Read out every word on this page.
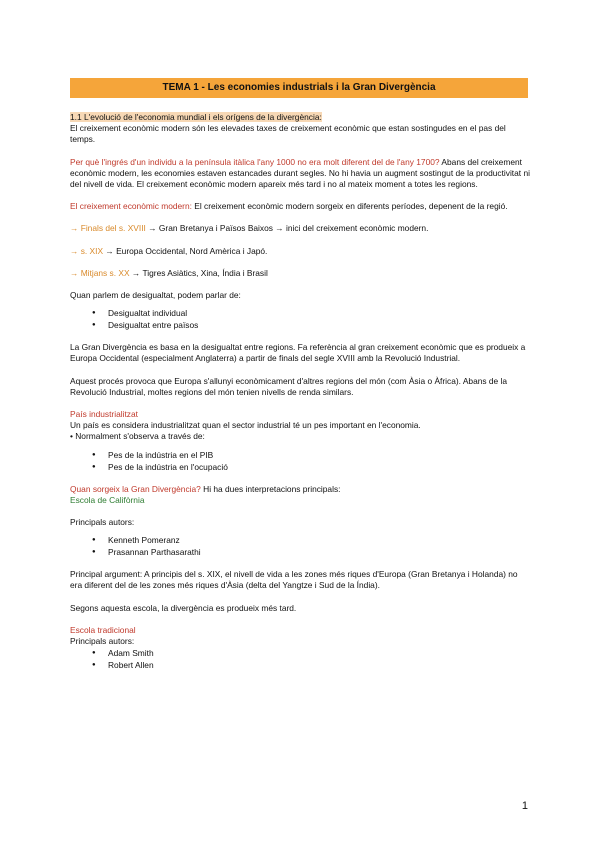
TEMA 1 - Les economies industrials i la Gran Divergència

1.1 L'evolució de l'economia mundial i els orígens de la divergència:

El creixement econòmic modern són les elevades taxes de creixement econòmic que estan sostingudes en el pas del temps.

Per què l'ingrés d'un individu a la península itàlica l'any 1000 no era molt diferent del de l'any 1700? Abans del creixement econòmic modern, les economies estaven estancades durant segles. No hi havia un augment sostingut de la productivitat ni del nivell de vida. El creixement econòmic modern apareix més tard i no al mateix moment a totes les regions.

El creixement econòmic modern: El creixement econòmic modern sorgeix en diferents períodes, depenent de la regió.

→ Finals del s. XVIII → Gran Bretanya i Països Baixos → inici del creixement econòmic modern.

→ s. XIX → Europa Occidental, Nord Amèrica i Japó.

→ Mitjans s. XX → Tigres Asiàtics, Xina, Índia i Brasil

Quan parlem de desigualtat, podem parlar de:

● Desigualtat individual
● Desigualtat entre països

La Gran Divergència es basa en la desigualtat entre regions. Fa referència al gran creixement econòmic que es produeix a Europa Occidental (especialment Anglaterra) a partir de finals del segle XVIII amb la Revolució Industrial.

Aquest procés provoca que Europa s'allunyi econòmicament d'altres regions del món (com Àsia o Àfrica). Abans de la Revolució Industrial, moltes regions del món tenien nivells de renda similars.

País industrialitzat

Un país es considera industrialitzat quan el sector industrial té un pes important en l'economia.

• Normalment s'observa a través de:

● Pes de la indústria en el PIB
● Pes de la indústria en l'ocupació

Quan sorgeix la Gran Divergència? Hi ha dues interpretacions principals:

Escola de Califòrnia

Principals autors:

● Kenneth Pomeranz
● Prasannan Parthasarathi

Principal argument: A principis del s. XIX, el nivell de vida a les zones més riques d'Europa (Gran Bretanya i Holanda) no era diferent del de les zones més riques d'Àsia (delta del Yangtze i Sud de la Índia).

Segons aquesta escola, la divergència es produeix més tard.

Escola tradicional

Principals autors:

● Adam Smith
● Robert Allen
1
